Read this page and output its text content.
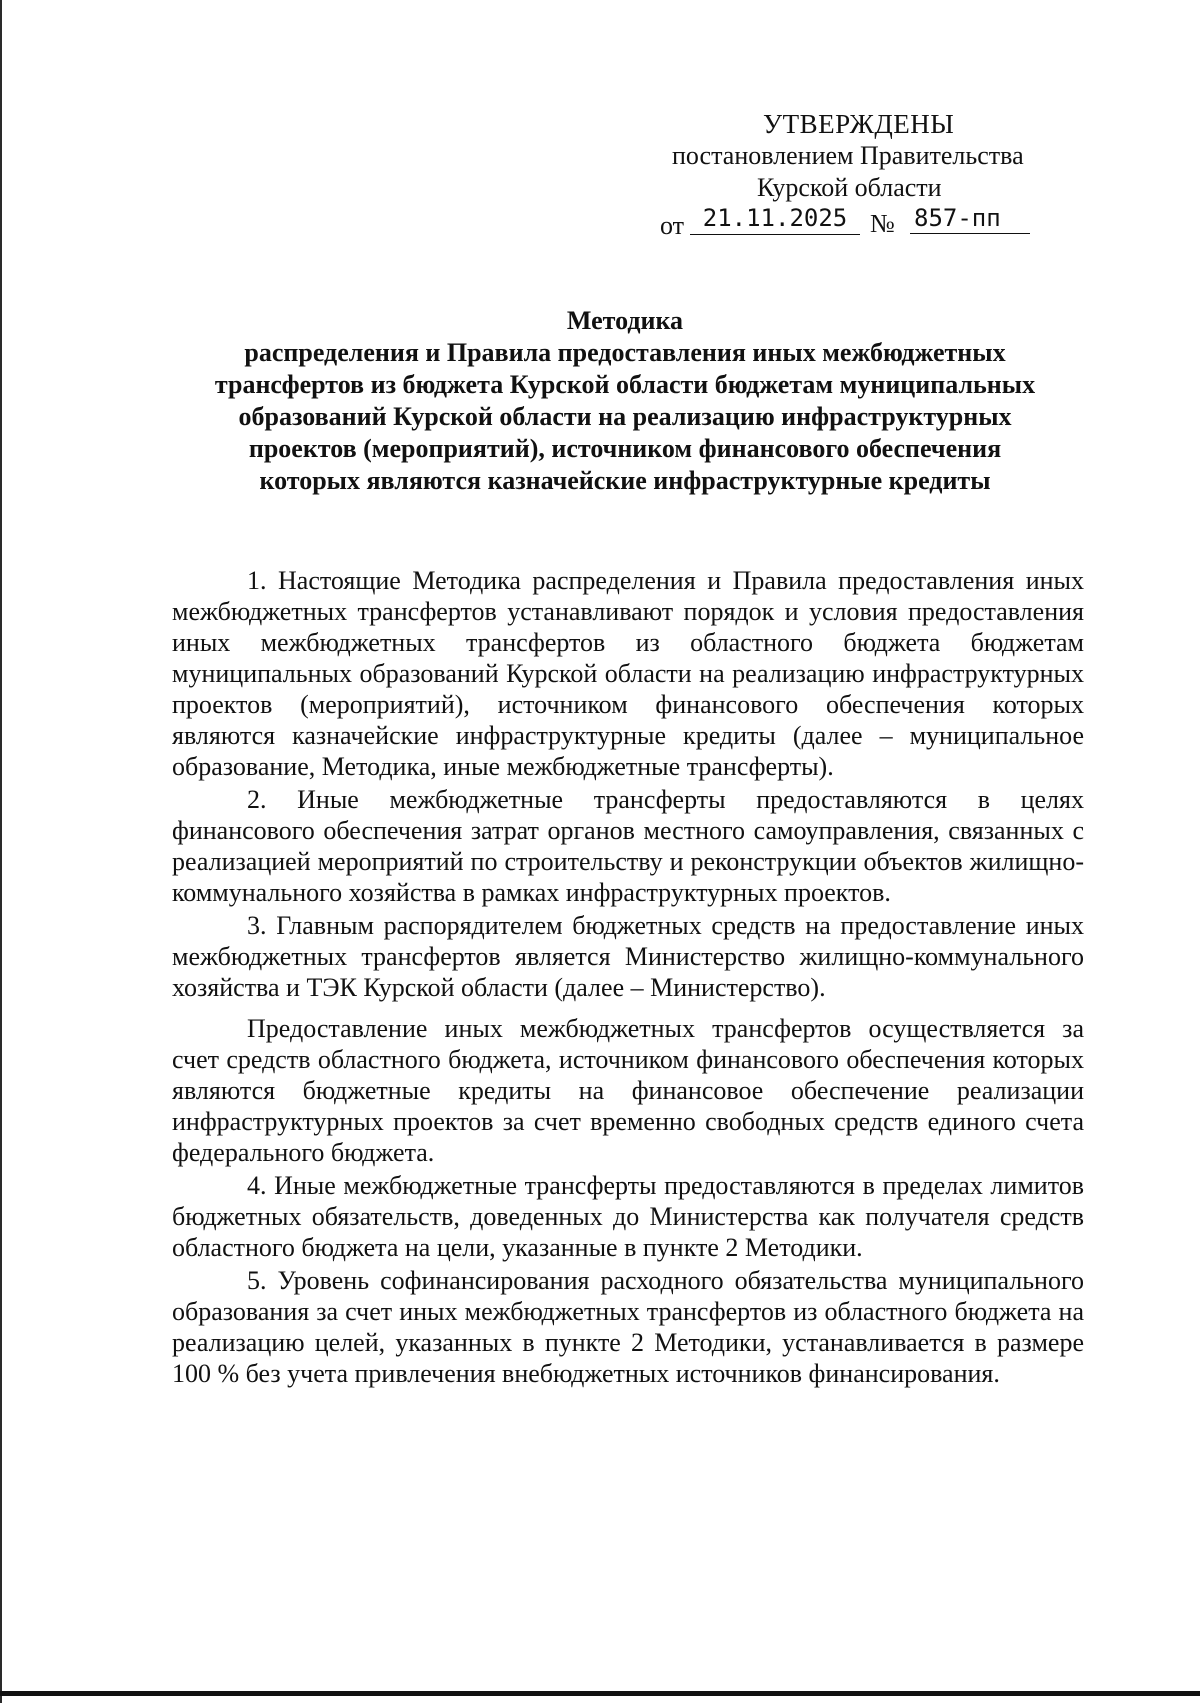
УТВЕРЖДЕНЫ
постановлением Правительства
Курской области
от 21.11.2025 № 857-пп
Методика
распределения и Правила предоставления иных межбюджетных
трансфертов из бюджета Курской области бюджетам муниципальных
образований Курской области на реализацию инфраструктурных
проектов (мероприятий), источником финансового обеспечения
которых являются казначейские инфраструктурные кредиты

1. Настоящие Методика распределения и Правила предоставления иных межбюджетных трансфертов устанавливают порядок и условия предоставления иных межбюджетных трансфертов из областного бюджета бюджетам муниципальных образований Курской области на реализацию инфраструктурных проектов (мероприятий), источником финансового обеспечения которых являются казначейские инфраструктурные кредиты (далее – муниципальное образование, Методика, иные межбюджетные трансферты).

2. Иные межбюджетные трансферты предоставляются в целях финансового обеспечения затрат органов местного самоуправления, связанных с реализацией мероприятий по строительству и реконструкции объектов жилищно-коммунального хозяйства в рамках инфраструктурных проектов.

3. Главным распорядителем бюджетных средств на предоставление иных межбюджетных трансфертов является Министерство жилищно-коммунального хозяйства и ТЭК Курской области (далее – Министерство).

Предоставление иных межбюджетных трансфертов осуществляется за счет средств областного бюджета, источником финансового обеспечения которых являются бюджетные кредиты на финансовое обеспечение реализации инфраструктурных проектов за счет временно свободных средств единого счета федерального бюджета.

4. Иные межбюджетные трансферты предоставляются в пределах лимитов бюджетных обязательств, доведенных до Министерства как получателя средств областного бюджета на цели, указанные в пункте 2 Методики.

5. Уровень софинансирования расходного обязательства муниципального образования за счет иных межбюджетных трансфертов из областного бюджета на реализацию целей, указанных в пункте 2 Методики, устанавливается в размере 100 % без учета привлечения внебюджетных источников финансирования.
